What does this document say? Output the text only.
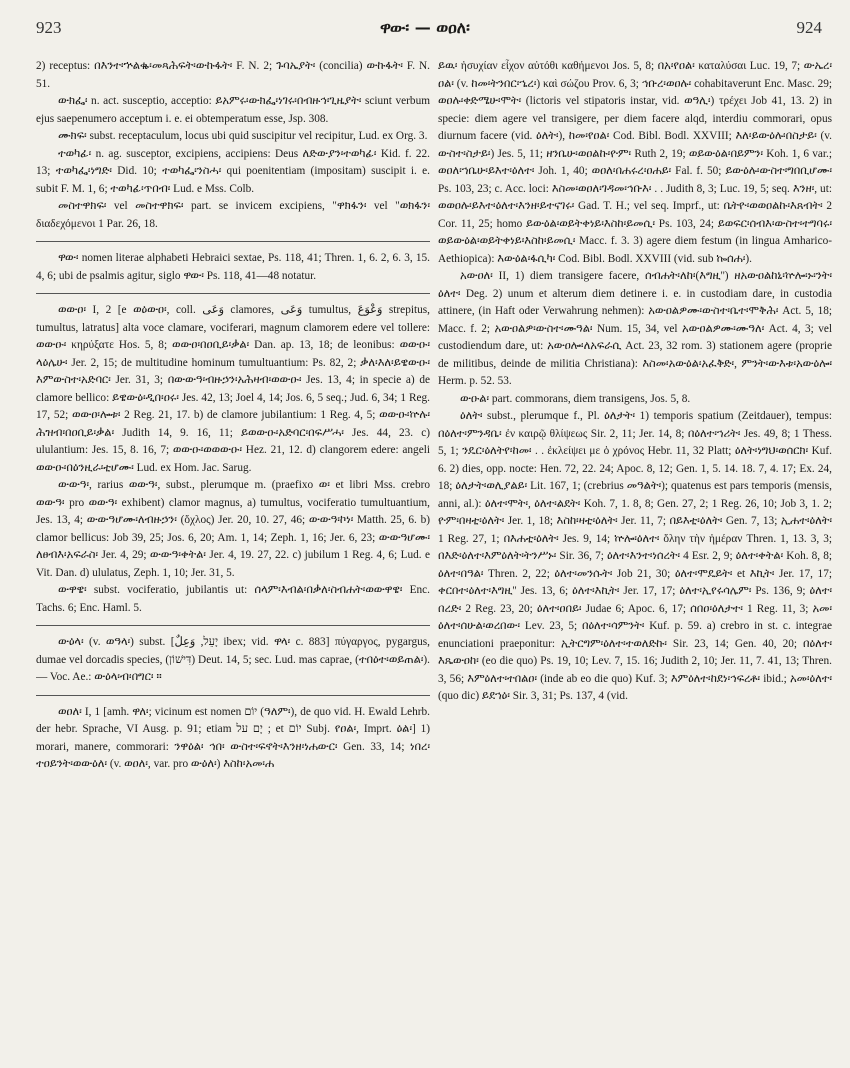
923	ዋው፡ — ወዐለ፡	924

2) receptus: በእንተ፡ኍልቈ፡መጻሕፍት፡ውኩፋት፡ F. N. 2; ጉባኤያት፡ (concilia) ውኩፋት፡ F. N. 51.

ውክፌ፡ n. act. susceptio, acceptio: ይአምሩ፡ውክፌ፡ነገሩ፡በብዙኅ፡ጊዜያት፡ sciunt verbum ejus saepenumero acceptum i. e. ei obtemperatum esse, Jsp. 308.

ሙክፍ፡ subst. receptaculum, locus ubi quid suscipitur vel recipitur, Lud. ex Org. 3.

ተወካፊ፡ n. ag. susceptor, excipiens, accipiens: Deus ለድውያን፡ተወካፊ፡ Kid. f. 22. 13; ተወካፌ፡ነግድ፡ Did. 10; ተወካፌ፡ንስሓ፡ qui poenitentiam (impositam) suscipit i. e. subit F. M. 1, 6; ተወካፊ፡ጥበብ፡ Lud. e Mss. Colb.

መስተዋክፍ፡ vel መስተዋክፍ፡ part. se invicem excipiens, "ዋክፋን፡ vel "ወክፋን፡ διαδεχόμενοι 1 Par. 26, 18.

ዋው፡ nomen literae alphabeti Hebraici sextae, Ps. 118, 41; Thren. 1, 6. 2, 6. 3, 15. 4, 6; ubi de psalmis agitur, siglo ዋው፡ Ps. 118, 41—48 notatur.

ወውዐ፡ I, 2 [e ወዕውዐ፡, coll. وَعَى clamores, وَعَى tumultus, وَعْوَعَ strepitus, tumultus, latratus] alta voce clamare, vociferari, magnum clamorem edere vel tollere: ወውዑ፡ κηρύξατε Hos. 5, 8; ወውዐ፡በዐቢይ፡ቃል፡ Dan. ap. 13, 18; de leonibus: ወውዑ፡ላዕሌሁ፡ Jer. 2, 15; de multitudine hominum tumultuantium: Ps. 82, 2; ቃለ፡እለ፡ይዌውዑ፡እምውስተ፡አድባር፡ Jer. 31, 3; በውውዓ፡ብዙኃን፡አሕዛብ፡ወውዑ፡ Jes. 13, 4; in specie a) de clamore bellico: ይዌውዕ፡ዲበ፡ዐሩ፡ Jes. 42, 13; Joel 4, 14; Jos. 6, 5 seq.; Jud. 6, 34; 1 Reg. 17, 52; ወውዐ፡ሎቱ፡ 2 Reg. 21, 17. b) de clamore jubilantium: 1 Reg. 4, 5; ወውዑ፡ኵሉ፡ሕዝብ፡በዐቢይ፡ቃል፡ Judith 14, 9. 16, 11; ይወውዑ፡አድባር፡በፍሥሓ፡ Jes. 44, 23. c) ululantium: Jes. 15, 8. 16, 7; ወውዑ፡ወወውዑ፡ Hez. 21, 12. d) clangorem edere: angeli ወውዑ፡በዕንዚራ፡ቲሆሙ፡ Lud. ex Hom. Jac. Sarug.

ውውዓ፡, rarius ወውዓ፡, subst., plerumque m. (praefixo ወ፡ et libri Mss. crebro ወውዓ፡ pro ወውዓ፡ exhibent) clamor magnus, a) tumultus, vociferatio tumultuantium, Jes. 13, 4; ውውዓሆሙ፡ለብዙኃን፡ (ὄχλος) Jer. 20, 10. 27, 46; ውውዓ፡ኮነ፡ Matth. 25, 6. b) clamor bellicus: Job 39, 25; Jos. 6, 20; Am. 1, 14; Zeph. 1, 16; Jer. 6, 23; ውውዓሆሙ፡ለፀብእ፡አፍራስ፡ Jer. 4, 29; ውውዓ፡ቀትል፡ Jer. 4, 19. 27, 22. c) jubilum 1 Reg. 4, 6; Lud. e Vit. Dan. d) ululatus, Zeph. 1, 10; Jer. 31, 5.

ውዋዌ፡ subst. vociferatio, jubilantis ut: ሰላም፡እብል፡በቃለ፡ስብሐት፡ወውዋዌ፡ Enc. Tachs. 6; Enc. Haml. 5.

ውዕላ፡ (v. ወዓላ፡) subst. [יָעֵל, وَعِلٌ ibex; vid. ዋላ፡ c. 883] πύγαργος, pygargus, dumae vel dorcadis species, (דִּישׁוֹן) Deut. 14, 5; sec. Lud. mas caprae, (ተበዕተ፡ወይጠል፡). — Voc. Ae.: ውዕላ፡ብ፡በግር፡ ።

ወዐለ፡ I, 1 [amh. ዋለ፡; vicinum est nomen יוֹם (ዓለም፡), de quo vid. H. Ewald Lehrb. der hebr. Sprache, VI Ausg. p. 91; etiam יָם על ; et יוֹם Subj. የዐል፡, Imprt. ዕል፡] 1) morari, manere, commorari: ንዋዕል፡ ኅበ፡ ውስተ፡ፍኖት፡እንዘ፡ነሐውር፡ Gen. 33, 14; ነበረ፡ተዐይንት፡ወውዕለ፡ (v. ወዐለ፡, var. pro ውዕለ፡) እስከ፡አመ፡ሐ

ይዉ፡ ἡσυχίαν εἶχον αὐτόθι καθήμενοι Jos. 5, 8; በአ፡የዐል፡ καταλύσαι Luc. 19, 7; ውኤረ፡ዐል፡ (v. ከመ፡ትንበር፡ኄረ፡) καὶ σώζου Prov. 6, 3; ኅቡረ፡ወዐሉ፡ cohabitaverunt Enc. Masc. 29; ወዐሉ፡ቀድሜሁ፡ሞት፡ (lictoris vel stipatoris instar, vid. ወዓሊ፡) τρέχει Job 41, 13. 2) in specie: diem agere vel transigere, per diem facere alqd, interdiu commorari, opus diurnum facere (vid. ዕለት፡), ከመ፡የዐል፡ Cod. Bibl. Bodl. XXVIII; እለ፡ይውዕሉ፡በስታይ፡ (v. ውስተ፡ስታይ፡) Jes. 5, 11; ዘንቤሁ፡ወዐልኩ፡ዮም፡ Ruth 2, 19; ወይውዕል፡በይምን፡ Koh. 1, 6 var.; ወዐለ፡ኀቤሁ፡ይእተ፡ዕለተ፡ Joh. 1, 40; ወዐለ፡በሐሩረ፡ዐሐይ፡ Fal. f. 50; ይውዕሉ፡ውስተ፡ግበቢሆሙ፡ Ps. 103, 23; c. Acc. loci: እስመ፡ወዐለ፡ገዳመ፡ኅቡእ፡ . . Judith 8, 3; Luc. 19, 5; seq. እንዘ፡, ut: ወወዐሉ፡ይእተ፡ዕለተ፡እንዘ፡ይተናገሩ፡ Gad. T. H.; vel seq. Imprf., ut: ቤትዮ፡ወወዐልኩ፡እጸብት፡ 2 Cor. 11, 25; homo ይውዕል፡ወይትቀነይ፡እስከ፡ይመሲ፡ Ps. 103, 24; ይወፍር፡ሰብእ፡ውስተ፡ተግባሩ፡ወይውዕል፡ወይትቀነይ፡እስከ፡ይመሲ፡ Macc. f. 3. 3) agere diem festum (in lingua Amharico-Aethiopica): እውዕል፡ፋሲካ፡ Cod. Bibl. Bodl. XXVIII (vid. sub ኰሰሐ፡).

አውዐለ፡ II, 1) diem transigere facere, ሰብሐት፡ለከ፡(እግዚ'') ዘአውዐልከኒ፡ኵሎ፡ኑ፡ንት፡ዕለተ፡ Deg. 2) unum et alterum diem detinere i. e. in custodiam dare, in custodia attinere, (in Haft oder Verwahrung nehmen): አውዐልዎሙ፡ውስተ፡ቤተ፡ሞቅሕ፡ Act. 5, 18; Macc. f. 2; አውዐልዎ፡ውስተ፡ሙዓል፡ Num. 15, 34, vel አውዐልዎሙ፡ሙዓለ፡ Act. 4, 3; vel custodiendum dare, ut: አውዐሎ፡ለአፍራሲ Act. 23, 32 rom. 3) stationem agere (proprie de militibus, deinde de militia Christiana): እስመ፡አውዕል፡አፈቅድ፡, ምንት፡ውእቱ፡አውዕሎ፡ Herm. p. 52. 53.

ውዑል፡ part. commorans, diem transigens, Jos. 5, 8.

ዕለት፡ subst., plerumque f., Pl. ዕለታት፡ 1) temporis spatium (Zeitdauer), tempus: በዕለተ፡ምንዳቤ፡ ἐν καιρῷ θλίψεως Sir. 2, 11; Jer. 14, 8; በዕለተ፡ኀሪት፡ Jes. 49, 8; 1 Thess. 5, 1; ንዴር፡ዕለትየ፡ከመ፡ . . ἐκλείψει με ὁ χρόνος Hebr. 11, 32 Platt; ዕለት፡ነግህ፡ወሰርክ፡ Kuf. 6. 2) dies, opp. nocte: Hen. 72, 22. 24; Apoc. 8, 12; Gen. 1, 5. 14. 18. 7, 4. 17; Ex. 24, 18; ዕለታት፡ወሊያልይ፡ Lit. 167, 1; (crebrius መዓልት፡); quatenus est pars temporis (mensis, anni, al.): ዕለተ፡ሞት፡, ዕለተ፡ልደት፡ Koh. 7, 1. 8, 8; Gen. 27, 2; 1 Reg. 26, 10; Job 3, 1. 2; ዮም፡በዛቲ፡ዕለት፡ Jer. 1, 18; እስከ፡ዛቲ፡ዕለት፡ Jer. 11, 7; በይእቲ፡ዕለት፡ Gen. 7, 13; ኢሐተ፡ዕለት፡ 1 Reg. 27, 1; በእሐቲ፡ዕለት፡ Jes. 9, 14; ኵሎ፡ዕለተ፡ ὅλην τὴν ἡμέραν Thren. 1, 13. 3, 3; በእድ፡ዕለተ፡እምዕለት፡ትንሥኑ፡ Sir. 36, 7; ዕለተ፡እንተ፡ነሰረት፡ 4 Esr. 2, 9; ዕለተ፡ቀትል፡ Koh. 8, 8; ዕለተ፡በዓል፡ Thren. 2, 22; ዕለተ፡መንሱት፡ Job 21, 30; ዕለተ፡ሞዴይት፡ et እኪት፡ Jer. 17, 17; ቀርበተ፡ዕለተ፡እግዚ'' Jes. 13, 6; ዕለተ፡እኪት፡ Jer. 17, 17; ዕለተ፡ኢየሩሳሌም፡ Ps. 136, 9; ዕለተ፡በረድ፡ 2 Reg. 23, 20; ዕለተ፡ዐበይ፡ Judae 6; Apoc. 6, 17; ሰበዐ፡ዕለታተ፡ 1 Reg. 11, 3; አመ፡ዕለተ፡ሰሁል፡ወረበው፡ Lev. 23, 5; በዕለተ፡ሳምንት፡ Kuf. p. 59. a) crebro in st. c. integrae enunciationi praeponitur: ኢትርግም፡ዕለተ፡ተወለድኩ፡ Sir. 23, 14; Gen. 40, 20; በዕለተ፡እጼውዐከ፡ (eo die quo) Ps. 19, 10; Lev. 7, 15. 16; Judith 2, 10; Jer. 11, 7. 41, 13; Thren. 3, 56; እምዕለተ፡ተበልዐ፡ (inde ab eo die quo) Kuf. 3; እምዕለተ፡ከደነ፡ኅፍረቶ፡ ibid.; አመ፡ዕለተ፡ (quo dic) ይደኀዕ፡ Sir. 3, 31; Ps. 137, 4 (vid.
